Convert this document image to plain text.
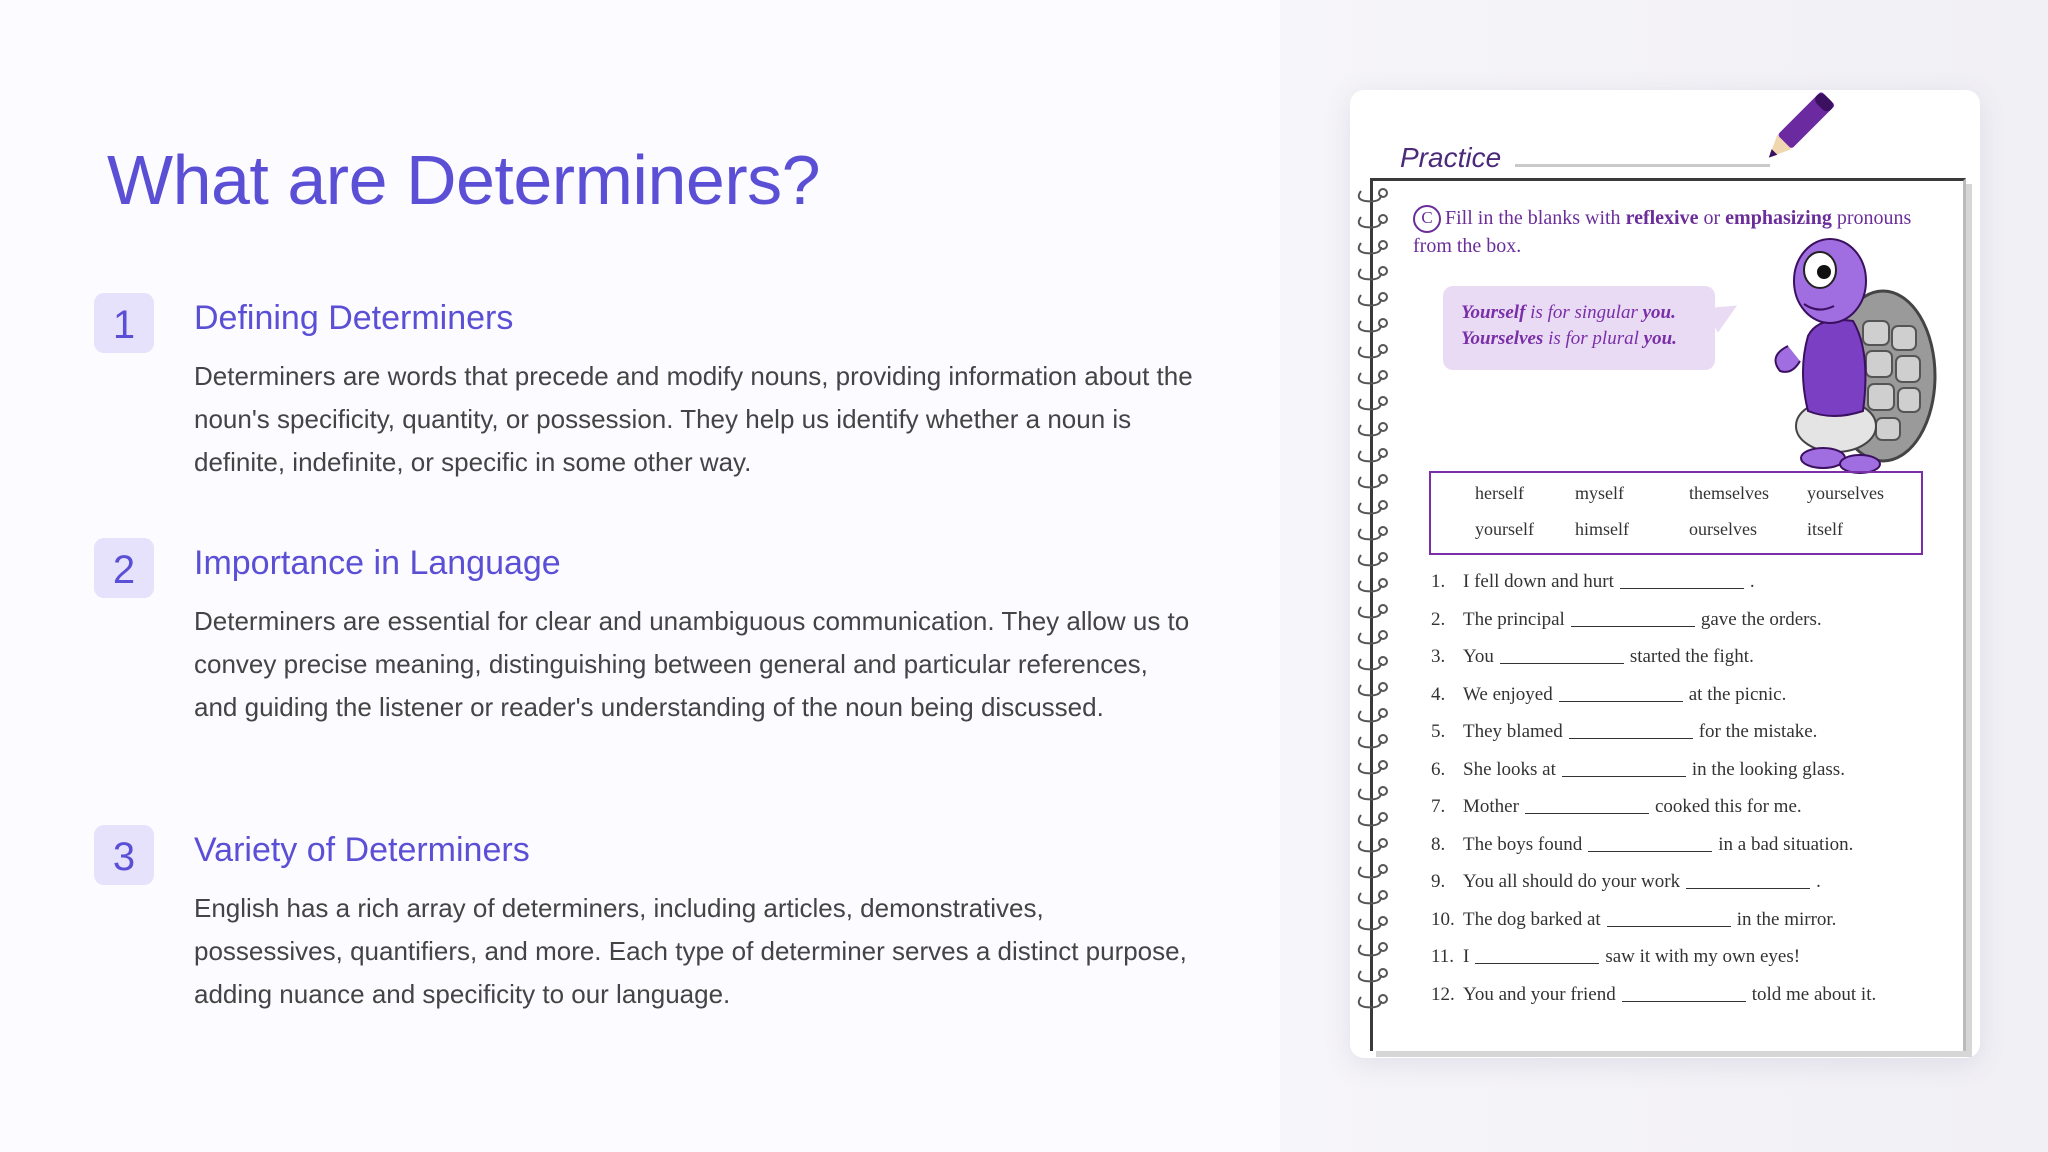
What are Determiners?
1	Defining Determiners

Determiners are words that precede and modify nouns, providing information about the noun's specificity, quantity, or possession. They help us identify whether a noun is definite, indefinite, or specific in some other way.

2	Importance in Language

Determiners are essential for clear and unambiguous communication. They allow us to convey precise meaning, distinguishing between general and particular references, and guiding the listener or reader's understanding of the noun being discussed.

3	Variety of Determiners

English has a rich array of determiners, including articles, demonstratives, possessives, quantifiers, and more. Each type of determiner serves a distinct purpose, adding nuance and specificity to our language.

Practice

C Fill in the blanks with reflexive or emphasizing pronouns from the box.

Yourself is for singular you.
Yourselves is for plural you.
herself	myself	themselves yourselves
yourself himself	ourselves	itself
1. I fell down and hurt	.
2. The principal	gave the orders.
3. You	started the fight.
4. We enjoyed	at the picnic.
5. They blamed	for the mistake.
6. She looks at	in the looking glass.
7. Mother	cooked this for me.
8. The boys found	in a bad situation.
9. You all should do your work	.
10. The dog barked at	in the mirror.
11. I	saw it with my own eyes!
12. You and your friend	told me about it.
